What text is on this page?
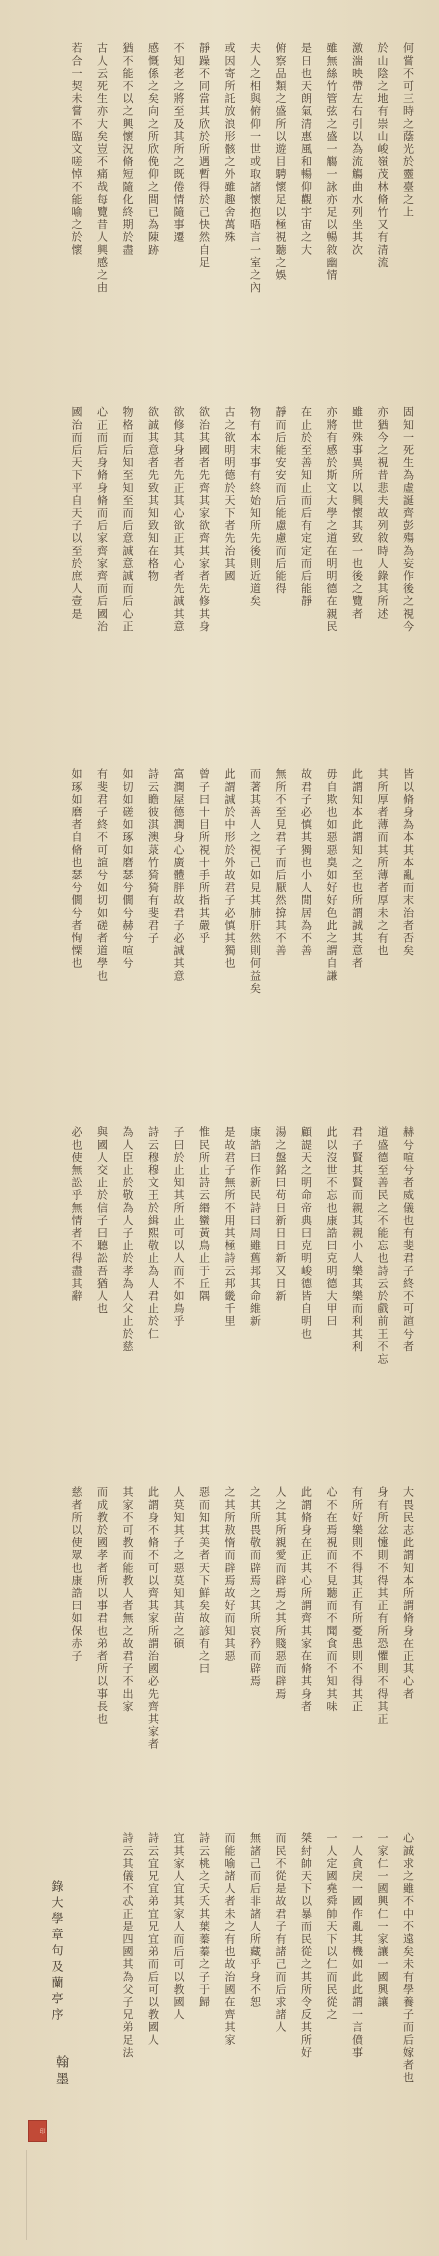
何嘗不可三時之蔭光於靈臺之上
於山陰之地有崇山峻嶺茂林脩竹又有清流
激湍映帶左右引以為流觴曲水列坐其次
雖無絲竹管弦之盛一觴一詠亦足以暢敘幽情
是日也天朗氣清惠風和暢仰觀宇宙之大
俯察品類之盛所以遊目騁懷足以極視聽之娛
夫人之相與俯仰一世或取諸懷抱晤言一室之內
或因寄所託放浪形骸之外雖趣舍萬殊
靜躁不同當其欣於所遇暫得於己快然自足
不知老之將至及其所之既倦情隨事遷
感慨係之矣向之所欣俛仰之間已為陳跡
猶不能不以之興懷況脩短隨化終期於盡
古人云死生亦大矣豈不痛哉每覽昔人興感之由
若合一契未嘗不臨文嗟悼不能喻之於懷
固知一死生為虛誕齊彭殤為妄作後之視今
亦猶今之視昔悲夫故列敘時人錄其所述
雖世殊事異所以興懷其致一也後之覽者
亦將有感於斯文大學之道在明明德在親民
在止於至善知止而后有定定而后能靜
靜而后能安安而后能慮慮而后能得
物有本末事有終始知所先後則近道矣
古之欲明明德於天下者先治其國
欲治其國者先齊其家欲齊其家者先修其身
欲修其身者先正其心欲正其心者先誠其意
欲誠其意者先致其知致知在格物
物格而后知至知至而后意誠意誠而后心正
心正而后身脩身脩而后家齊家齊而后國治
國治而后天下平自天子以至於庶人壹是
皆以脩身為本其本亂而末治者否矣
其所厚者薄而其所薄者厚未之有也
此謂知本此謂知之至也所謂誠其意者
毋自欺也如惡惡臭如好好色此之謂自謙
故君子必慎其獨也小人閒居為不善
無所不至見君子而后厭然揜其不善
而著其善人之視己如見其肺肝然則何益矣
此謂誠於中形於外故君子必慎其獨也
曾子曰十目所視十手所指其嚴乎
富潤屋德潤身心廣體胖故君子必誠其意
詩云瞻彼淇澳菉竹猗猗有斐君子
如切如磋如琢如磨瑟兮僩兮赫兮喧兮
有斐君子終不可諠兮如切如磋者道學也
如琢如磨者自脩也瑟兮僩兮者恂慄也
赫兮喧兮者威儀也有斐君子終不可諠兮者
道盛德至善民之不能忘也詩云於戲前王不忘
君子賢其賢而親其親小人樂其樂而利其利
此以沒世不忘也康誥曰克明德大甲曰
顧諟天之明命帝典曰克明峻德皆自明也
湯之盤銘曰苟日新日日新又日新
康誥曰作新民詩曰周雖舊邦其命維新
是故君子無所不用其極詩云邦畿千里
惟民所止詩云緡蠻黃鳥止于丘隅
子曰於止知其所止可以人而不如鳥乎
詩云穆穆文王於緝熙敬止為人君止於仁
為人臣止於敬為人子止於孝為人父止於慈
與國人交止於信子曰聽訟吾猶人也
必也使無訟乎無情者不得盡其辭
大畏民志此謂知本所謂脩身在正其心者
身有所忿懥則不得其正有所恐懼則不得其正
有所好樂則不得其正有所憂患則不得其正
心不在焉視而不見聽而不聞食而不知其味
此謂脩身在正其心所謂齊其家在脩其身者
人之其所親愛而辟焉之其所賤惡而辟焉
之其所畏敬而辟焉之其所哀矜而辟焉
之其所敖惰而辟焉故好而知其惡
惡而知其美者天下鮮矣故諺有之曰
人莫知其子之惡莫知其苗之碩
此謂身不脩不可以齊其家所謂治國必先齊其家者
其家不可教而能教人者無之故君子不出家
而成教於國孝者所以事君也弟者所以事長也
慈者所以使眾也康誥曰如保赤子
心誠求之雖不中不遠矣未有學養子而后嫁者也
一家仁一國興仁一家讓一國興讓
一人貪戾一國作亂其機如此此謂一言僨事
一人定國堯舜帥天下以仁而民從之
桀紂帥天下以暴而民從之其所令反其所好
而民不從是故君子有諸己而后求諸人
無諸己而后非諸人所藏乎身不恕
而能喻諸人者未之有也故治國在齊其家
詩云桃之夭夭其葉蓁蓁之子于歸
宜其家人宜其家人而后可以教國人
詩云宜兄宜弟宜兄宜弟而后可以教國人
詩云其儀不忒正是四國其為父子兄弟足法
錄大學章句及蘭亭序
翰墨
印
